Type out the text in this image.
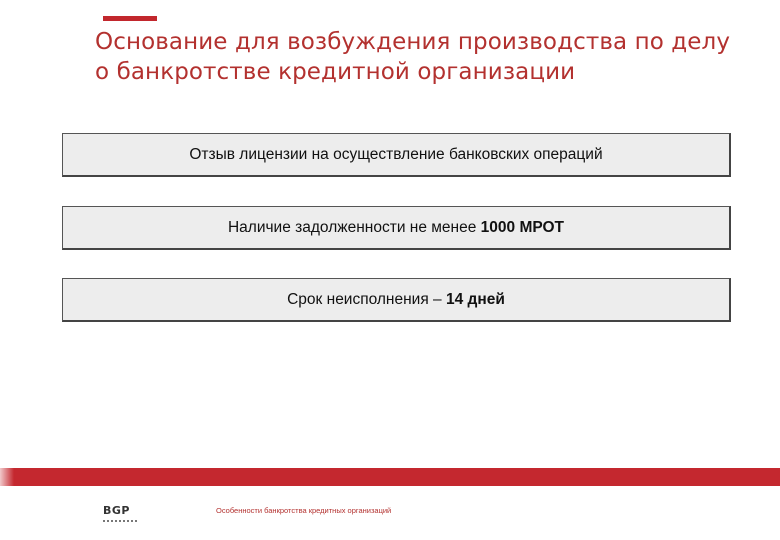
Основание для возбуждения производства по делу о банкротстве кредитной организации
Отзыв лицензии на осуществление банковских операций
Наличие задолженности не менее
1000 МРОТ
Срок неисполнения –
14 дней
BGP	Особенности банкротства кредитных организаций
